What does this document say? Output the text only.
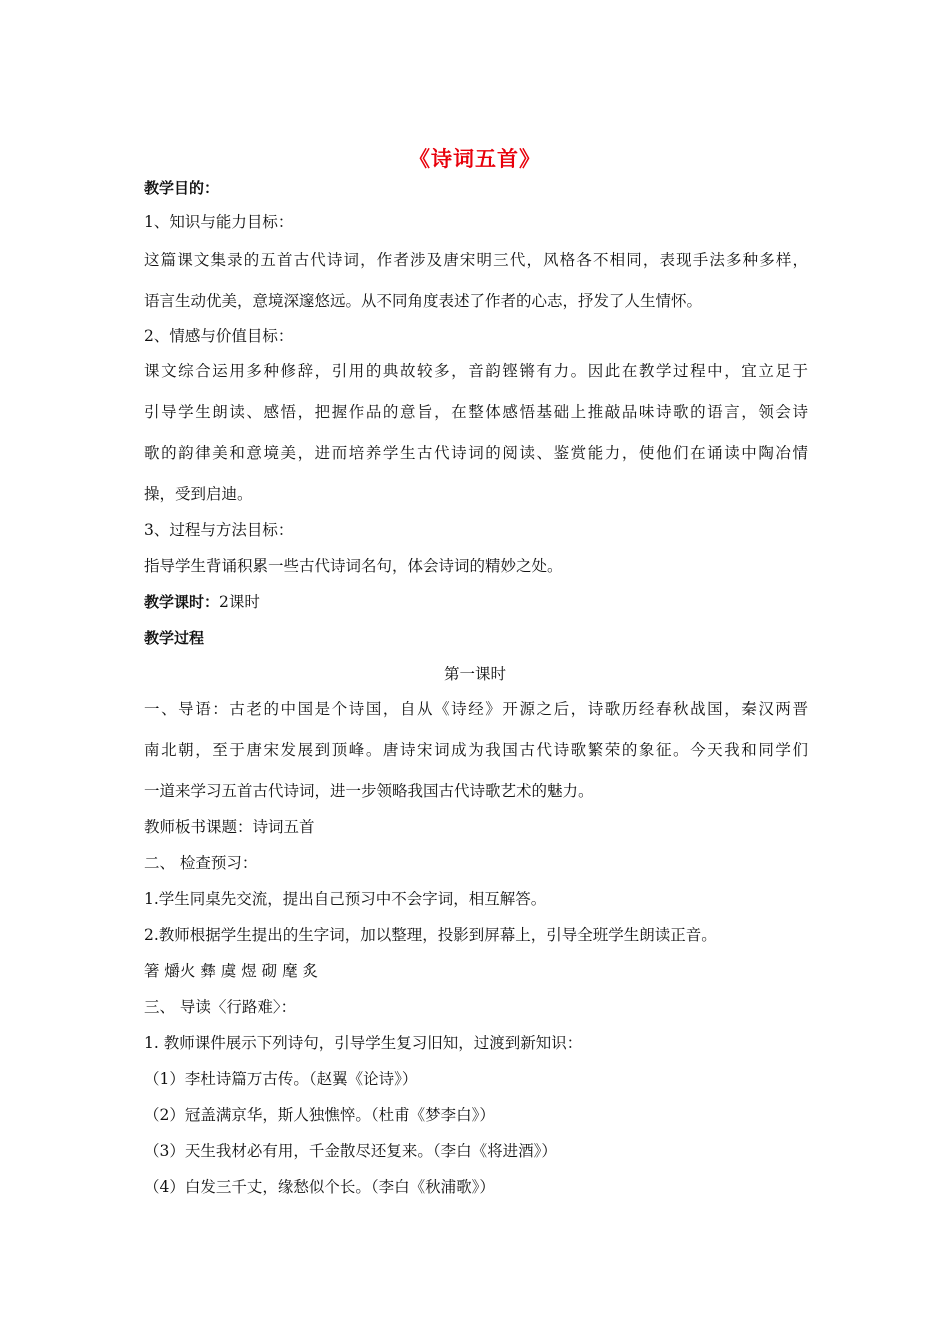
《诗词五首》
教学目的：
1、知识与能力目标：
这篇课文集录的五首古代诗词，作者涉及唐宋明三代，风格各不相同，表现手法多种多样，
语言生动优美，意境深邃悠远。从不同角度表述了作者的心志，抒发了人生情怀。
2、情感与价值目标：
课文综合运用多种修辞，引用的典故较多，音韵铿锵有力。因此在教学过程中，宜立足于
引导学生朗读、感悟，把握作品的意旨，在整体感悟基础上推敲品味诗歌的语言，领会诗
歌的韵律美和意境美，进而培养学生古代诗词的阅读、鉴赏能力，使他们在诵读中陶冶情
操，受到启迪。
3、过程与方法目标：
指导学生背诵积累一些古代诗词名句，体会诗词的精妙之处。
教学课时：2课时
教学过程
第一课时
一、导语：古老的中国是个诗国，自从《诗经》开源之后，诗歌历经春秋战国，秦汉两晋
南北朝，至于唐宋发展到顶峰。唐诗宋词成为我国古代诗歌繁荣的象征。今天我和同学们
一道来学习五首古代诗词，进一步领略我国古代诗歌艺术的魅力。
教师板书课题：诗词五首
二、 检查预习：
1.学生同桌先交流，提出自己预习中不会字词，相互解答。
2.教师根据学生提出的生字词，加以整理，投影到屏幕上，引导全班学生朗读正音。
箸 爝火 彝 虞 煜 砌 麾 炙
三、 导读〈行路难〉：
1. 教师课件展示下列诗句，引导学生复习旧知，过渡到新知识：
（1）李杜诗篇万古传。（赵翼《论诗》）
（2）冠盖满京华，斯人独憔悴。（杜甫《梦李白》）
（3）天生我材必有用，千金散尽还复来。（李白《将进酒》）
（4）白发三千丈，缘愁似个长。（李白《秋浦歌》）
